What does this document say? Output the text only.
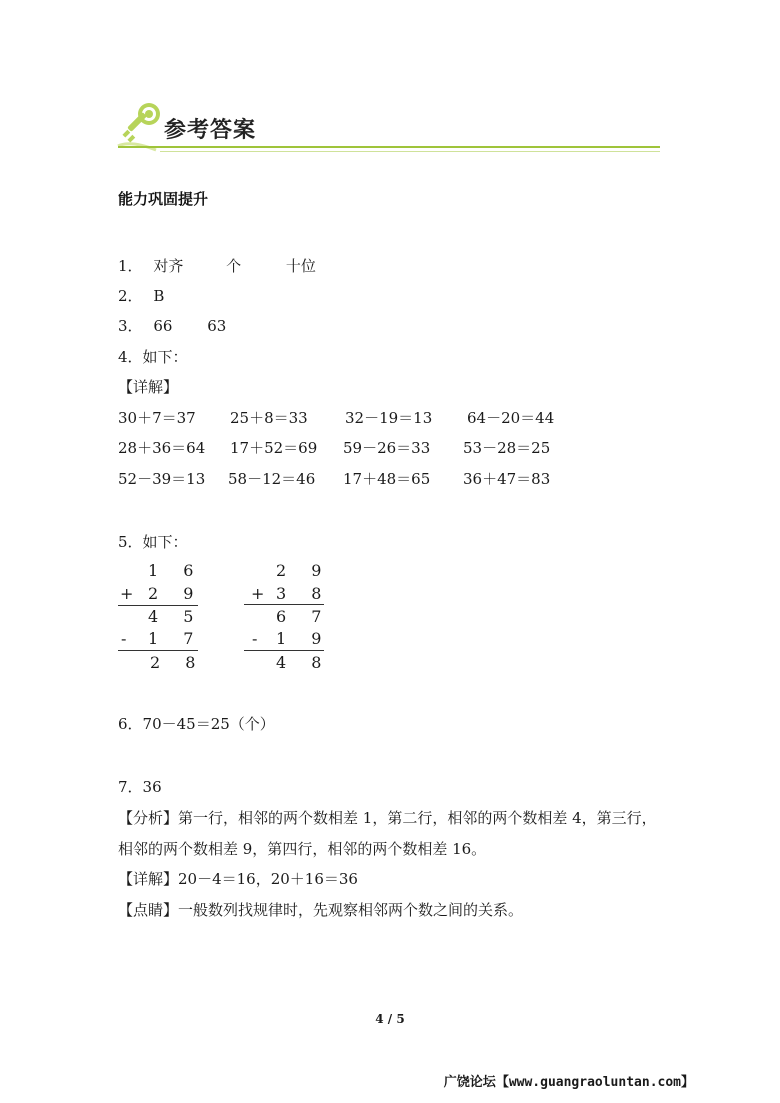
参考答案
能力巩固提升
1． 对齐	个	十位
2． B
3． 66 63
4．如下：
【详解】
30＋7＝37 25＋8＝33 32－19＝13 64－20＝44
28＋36＝64 17＋52＝69 59－26＝33 53－28＝25
52－39＝13 58－12＝46 17＋48＝65 36＋47＝83
5．如下：
1 6
+ 2 9
4 5
- 1 7
2 8
2 9
+ 3 8
6 7
- 1 9
4 8
6．70－45＝25（个）
7．36
【分析】第一行，相邻的两个数相差 1，第二行，相邻的两个数相差 4，第三行，
相邻的两个数相差 9，第四行，相邻的两个数相差 16。
【详解】20－4＝16，20＋16＝36
【点睛】一般数列找规律时，先观察相邻两个数之间的关系。
4 / 5
广饶论坛【www.guangraoluntan.com】
